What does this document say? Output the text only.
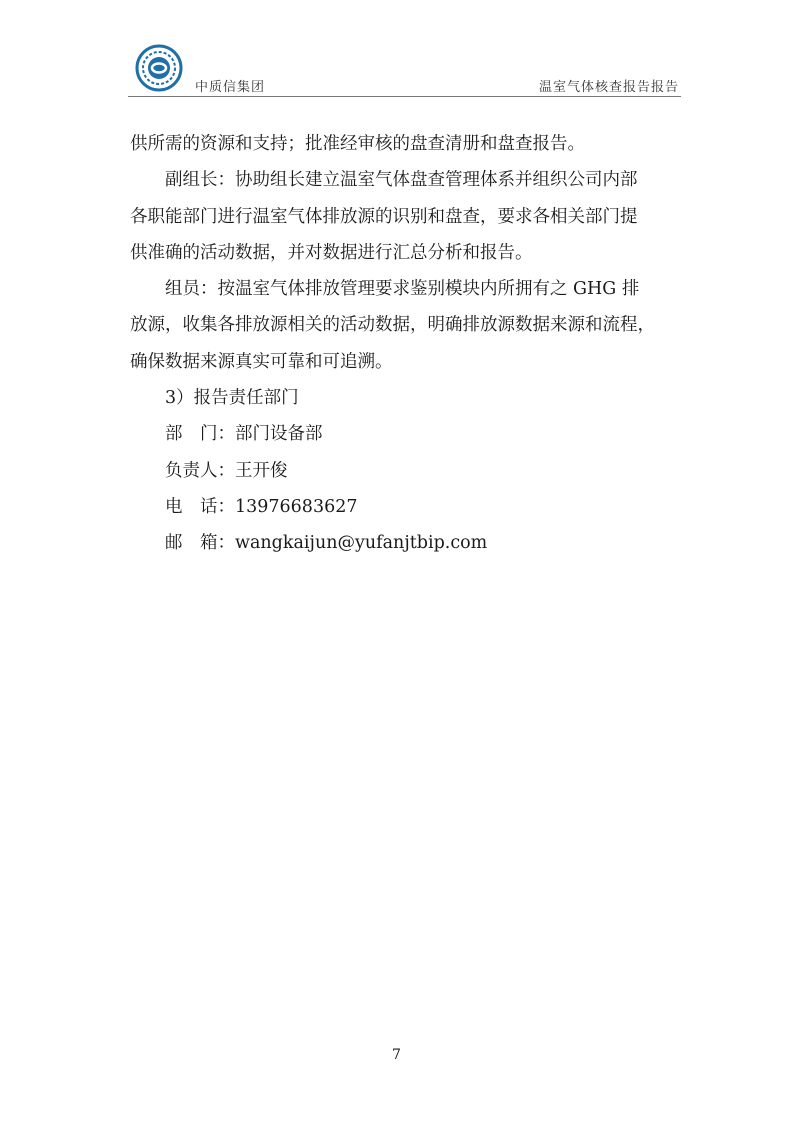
中质信集团	温室气体核查报告报告
供所需的资源和支持；批准经审核的盘查清册和盘查报告。
副组长：协助组长建立温室气体盘查管理体系并组织公司内部
各职能部门进行温室气体排放源的识别和盘查，要求各相关部门提
供准确的活动数据，并对数据进行汇总分析和报告。
组员：按温室气体排放管理要求鉴别模块内所拥有之 GHG 排
放源，收集各排放源相关的活动数据，明确排放源数据来源和流程，
确保数据来源真实可靠和可追溯。
3）报告责任部门
部　门：部门设备部
负责人：王开俊
电　话：13976683627
邮　箱：wangkaijun@yufanjtbip.com
7
